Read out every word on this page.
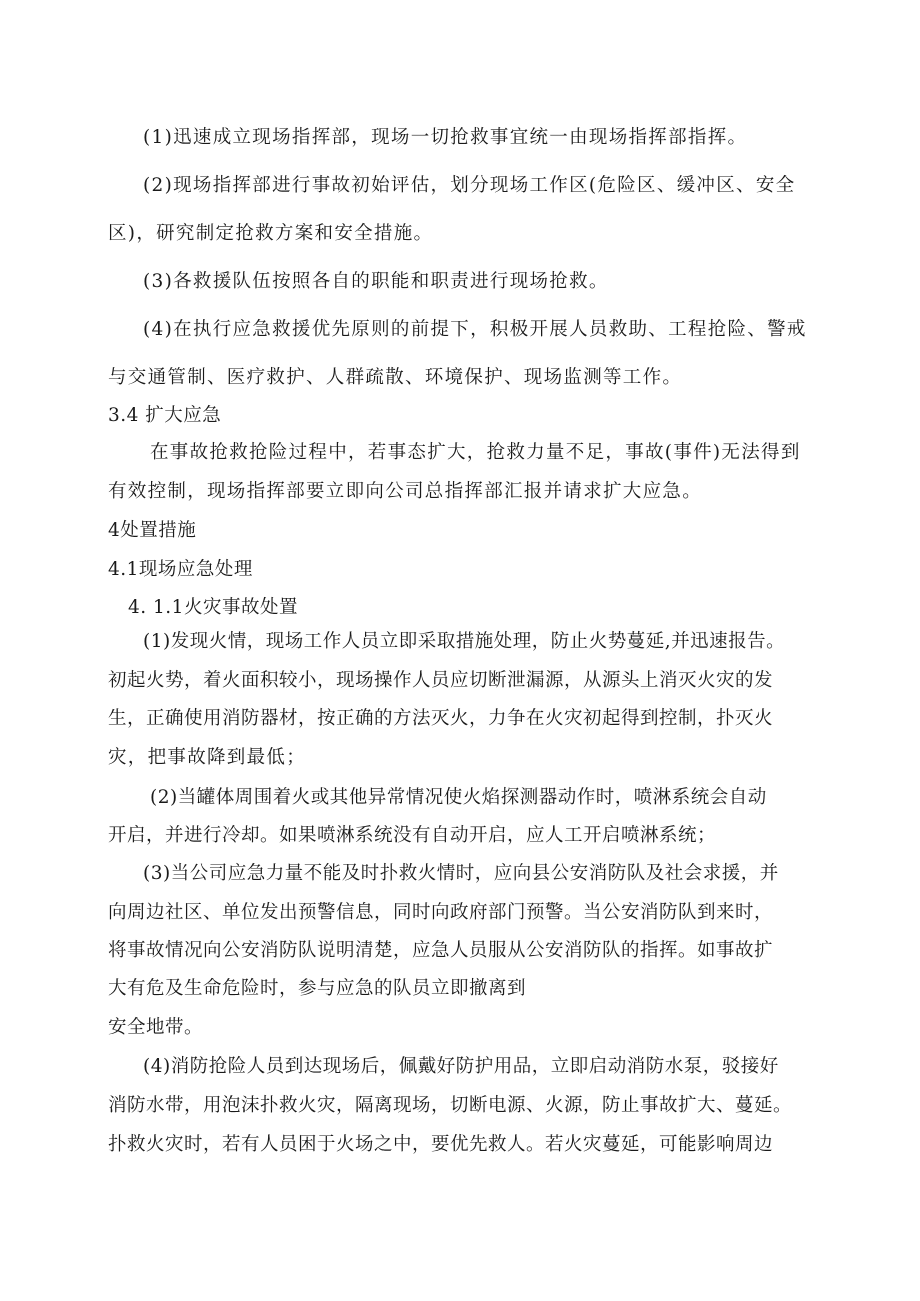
(1)迅速成立现场指挥部，现场一切抢救事宜统一由现场指挥部指挥。
(2)现场指挥部进行事故初始评估，划分现场工作区(危险区、缓冲区、安全
区)，研究制定抢救方案和安全措施。
(3)各救援队伍按照各自的职能和职责进行现场抢救。
(4)在执行应急救援优先原则的前提下，积极开展人员救助、工程抢险、警戒
与交通管制、医疗救护、人群疏散、环境保护、现场监测等工作。
3.4 扩大应急
在事故抢救抢险过程中，若事态扩大，抢救力量不足，事故(事件)无法得到
有效控制，现场指挥部要立即向公司总指挥部汇报并请求扩大应急。
4处置措施
4.1现场应急处理
4. 1.1火灾事故处置
(1)发现火情，现场工作人员立即采取措施处理，防止火势蔓延,并迅速报告。
初起火势，着火面积较小，现场操作人员应切断泄漏源，从源头上消灭火灾的发
生，正确使用消防器材，按正确的方法灭火，力争在火灾初起得到控制，扑灭火
灾，把事故降到最低；
(2)当罐体周围着火或其他异常情况使火焰探测器动作时，喷淋系统会自动
开启，并进行冷却。如果喷淋系统没有自动开启，应人工开启喷淋系统；
(3)当公司应急力量不能及时扑救火情时，应向县公安消防队及社会求援，并
向周边社区、单位发出预警信息，同时向政府部门预警。当公安消防队到来时，
将事故情况向公安消防队说明清楚，应急人员服从公安消防队的指挥。如事故扩
大有危及生命危险时，参与应急的队员立即撤离到
安全地带。
(4)消防抢险人员到达现场后，佩戴好防护用品，立即启动消防水泵，驳接好
消防水带，用泡沫扑救火灾，隔离现场，切断电源、火源，防止事故扩大、蔓延。
扑救火灾时，若有人员困于火场之中，要优先救人。若火灾蔓延，可能影响周边
